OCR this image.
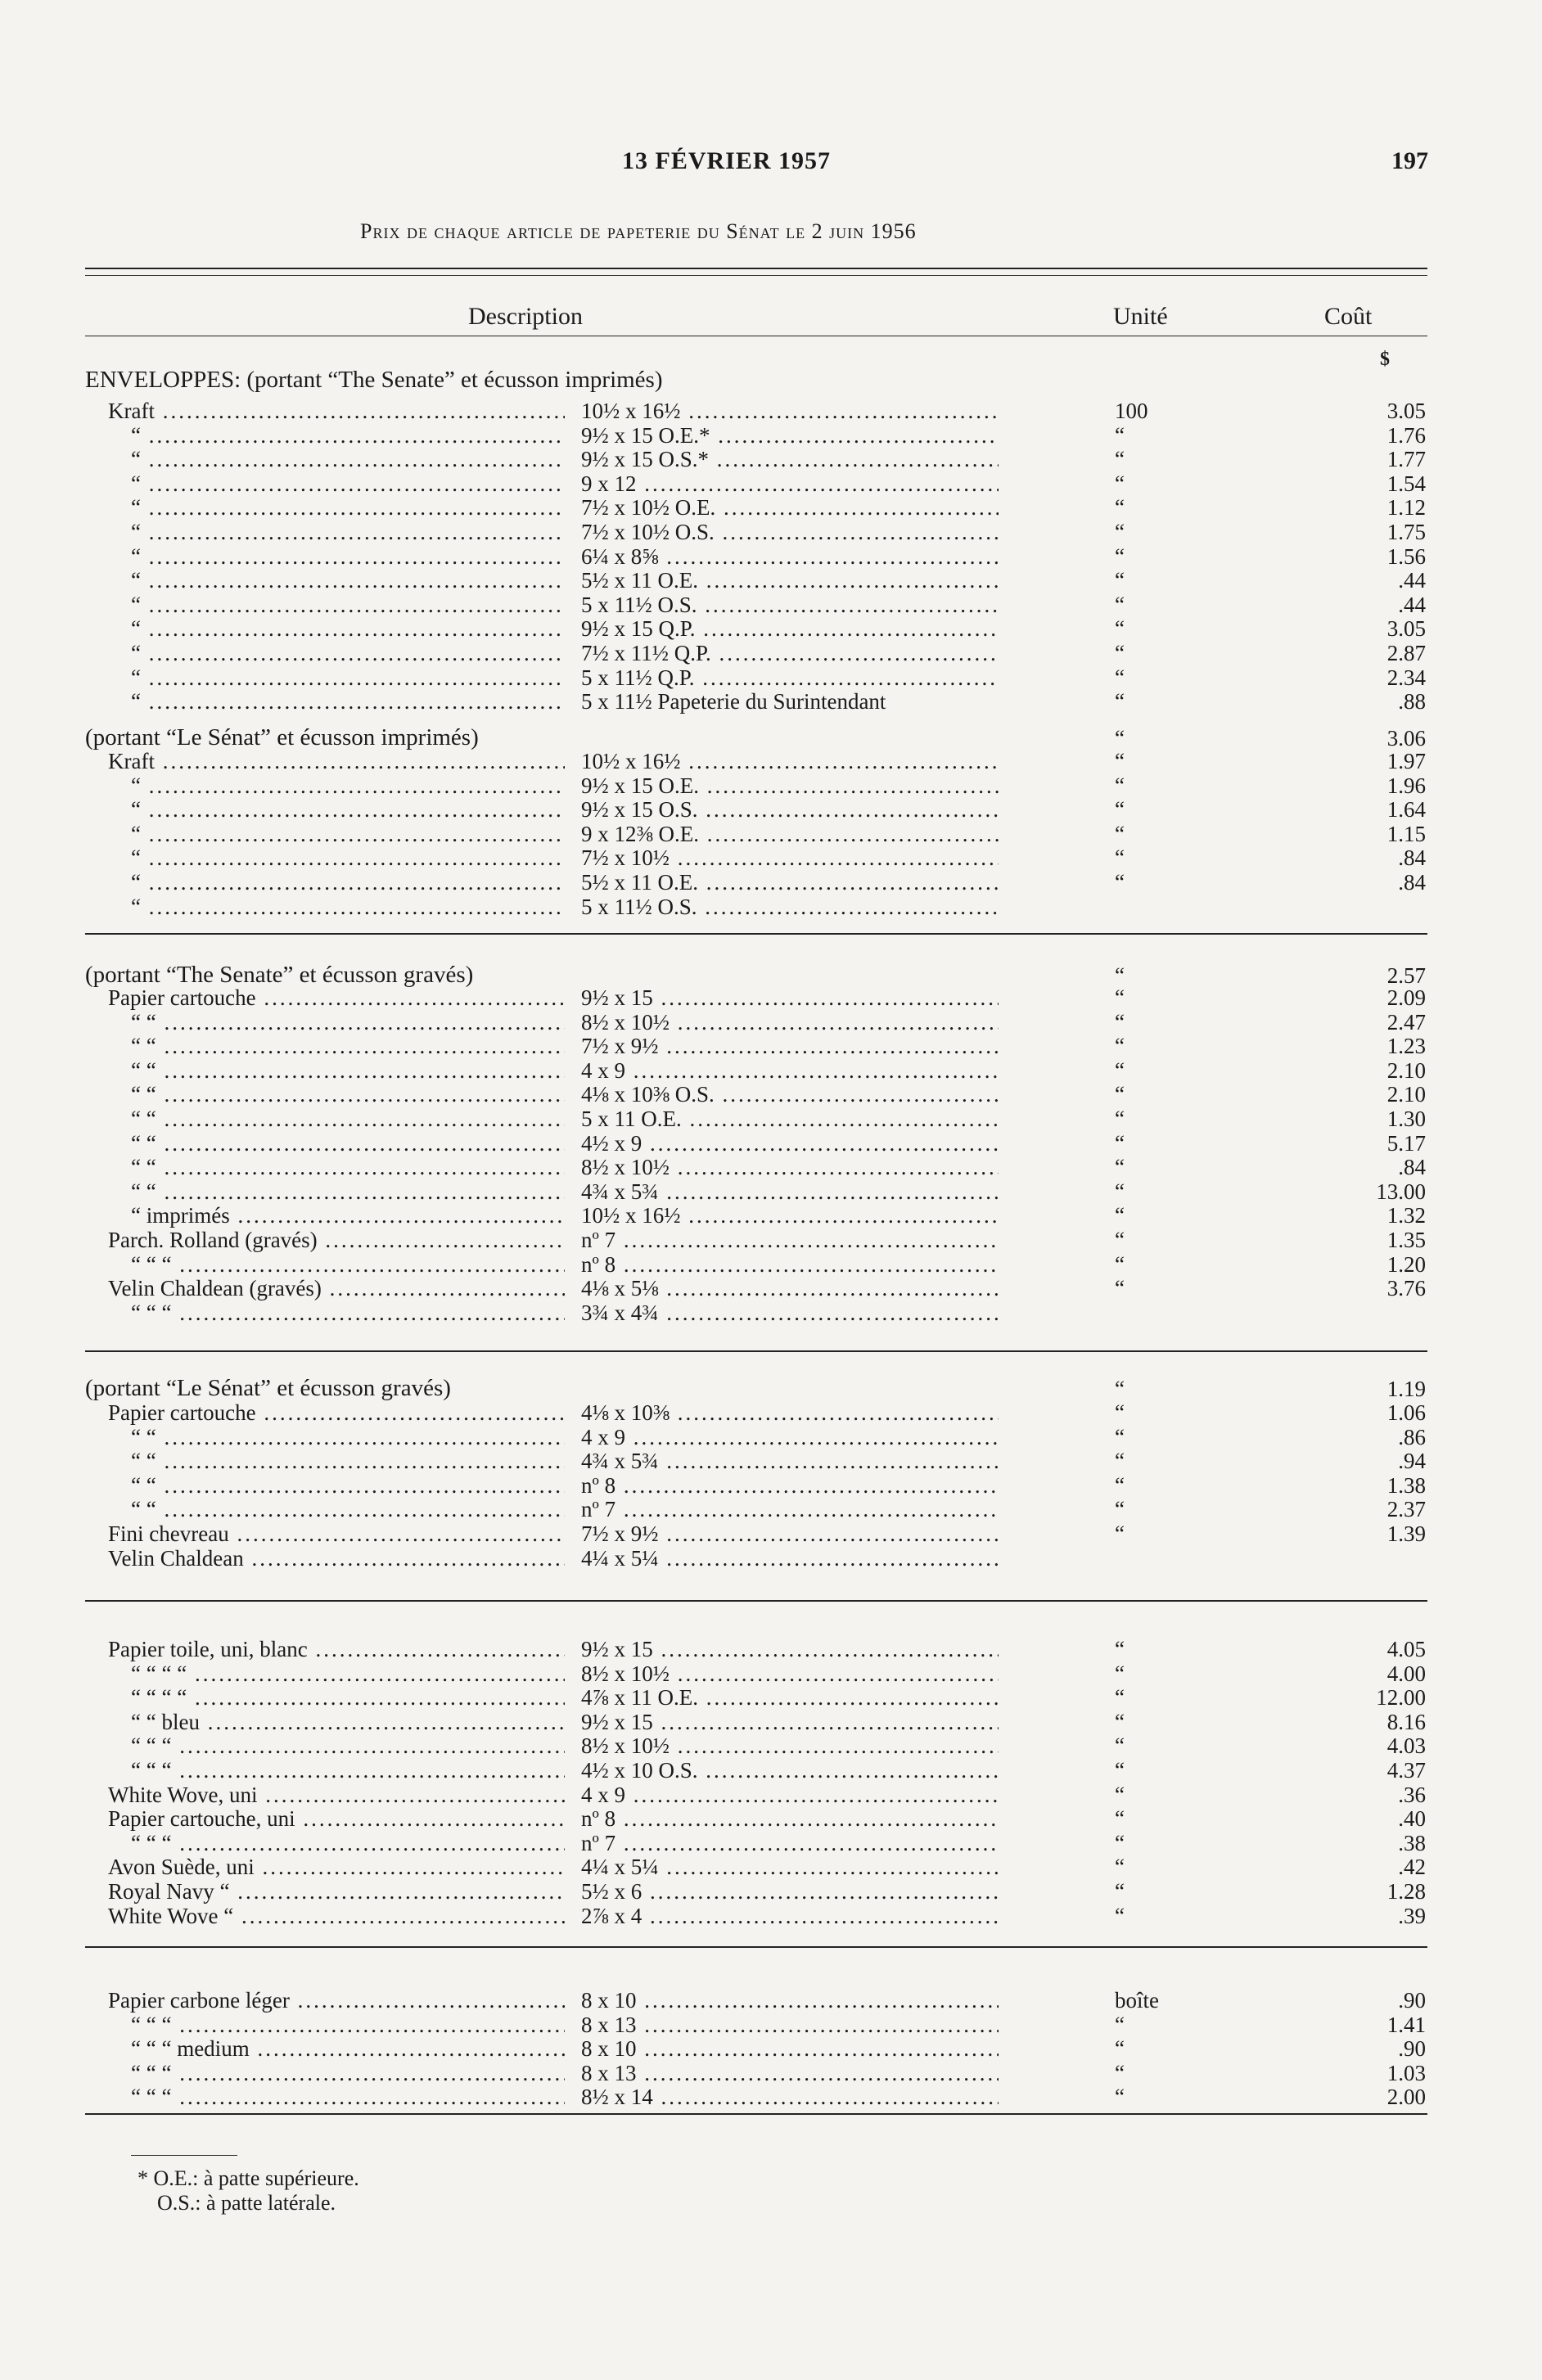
13 FÉVRIER 1957	197
Prix de chaque article de papeterie du Sénat le 2 juin 1956
Description	Unité	Coût
$
ENVELOPPES: (portant “The Senate” et écusson imprimés)
Kraft .....	10½ x 16½ .....	100	3.05
“ .....	9½ x 15 O.E.* .....	“	1.76
“ .....	9½ x 15 O.S.* .....	“	1.77
“ .....	9 x 12 .....	“	1.54
“ .....	7½ x 10½ O.E. .....	“	1.12
“ .....	7½ x 10½ O.S. .....	“	1.75
“ .....	6¼ x 8⅝ .....	“	1.56
“ .....	5½ x 11 O.E. .....	“	.44
“ .....	5 x 11½ O.S. .....	“	.44
“ .....	9½ x 15 Q.P. .....	“	3.05
“ .....	7½ x 11½ Q.P. .....	“	2.87
“ .....	5 x 11½ Q.P. .....	“	2.34
“ .....	5 x 11½ Papeterie du Surintendant	“	.88
(portant “Le Sénat” et écusson imprimés)	“	3.06
Kraft .....	10½ x 16½ .....	“	1.97
“ .....	9½ x 15 O.E. .....	“	1.96
“ .....	9½ x 15 O.S. .....	“	1.64
“ .....	9 x 12⅜ O.E. .....	“	1.15
“ .....	7½ x 10½ .....	“	.84
“ .....	5½ x 11 O.E. .....	“	.84
“ .....	5 x 11½ O.S. .....
(portant “The Senate” et écusson gravés)	“	2.57
Papier cartouche .....	9½ x 15 .....	“	2.09
“ “ .....	8½ x 10½ .....	“	2.47
“ “ .....	7½ x 9½ .....	“	1.23
“ “ .....	4 x 9 .....	“	2.10
“ “ .....	4⅛ x 10⅜ O.S. .....	“	2.10
“ “ .....	5 x 11 O.E. .....	“	1.30
“ “ .....	4½ x 9 .....	“	5.17
“ “ .....	8½ x 10½ .....	“	.84
“ “ .....	4¾ x 5¾ .....	“	13.00
“ imprimés .....	10½ x 16½ .....	“	1.32
Parch. Rolland (gravés) .....	nº 7 .....	“	1.35
“ “ “ .....	nº 8 .....	“	1.20
Velin Chaldean (gravés) .....	4⅛ x 5⅛ .....	“	3.76
“ “ “ .....	3¾ x 4¾ .....
(portant “Le Sénat” et écusson gravés)	“	1.19
Papier cartouche .....	4⅛ x 10⅜ .....	“	1.06
“ “ .....	4 x 9 .....	“	.86
“ “ .....	4¾ x 5¾ .....	“	.94
“ “ .....	nº 8 .....	“	1.38
“ “ .....	nº 7 .....	“	2.37
Fini chevreau .....	7½ x 9½ .....	“	1.39
Velin Chaldean .....	4¼ x 5¼ .....
Papier toile, uni, blanc .....	9½ x 15 .....	“	4.05
“ “ “ “ .....	8½ x 10½ .....	“	4.00
“ “ “ “ .....	4⅞ x 11 O.E. .....	“	12.00
“ “ bleu .....	9½ x 15 .....	“	8.16
“ “ “ .....	8½ x 10½ .....	“	4.03
“ “ “ .....	4½ x 10 O.S. .....	“	4.37
White Wove, uni .....	4 x 9 .....	“	.36
Papier cartouche, uni .....	nº 8 .....	“	.40
“ “ “ .....	nº 7 .....	“	.38
Avon Suède, uni .....	4¼ x 5¼ .....	“	.42
Royal Navy “ .....	5½ x 6 .....	“	1.28
White Wove “ .....	2⅞ x 4 .....	“	.39
Papier carbone léger .....	8 x 10 .....	boîte	.90
“ “ “ .....	8 x 13 .....	“	1.41
“ “ “ medium .....	8 x 10 .....	“	.90
“ “ “ .....	8 x 13 .....	“	1.03
“ “ “ .....	8½ x 14 .....	“	2.00
* O.E.: à patte supérieure.
O.S.: à patte latérale.
